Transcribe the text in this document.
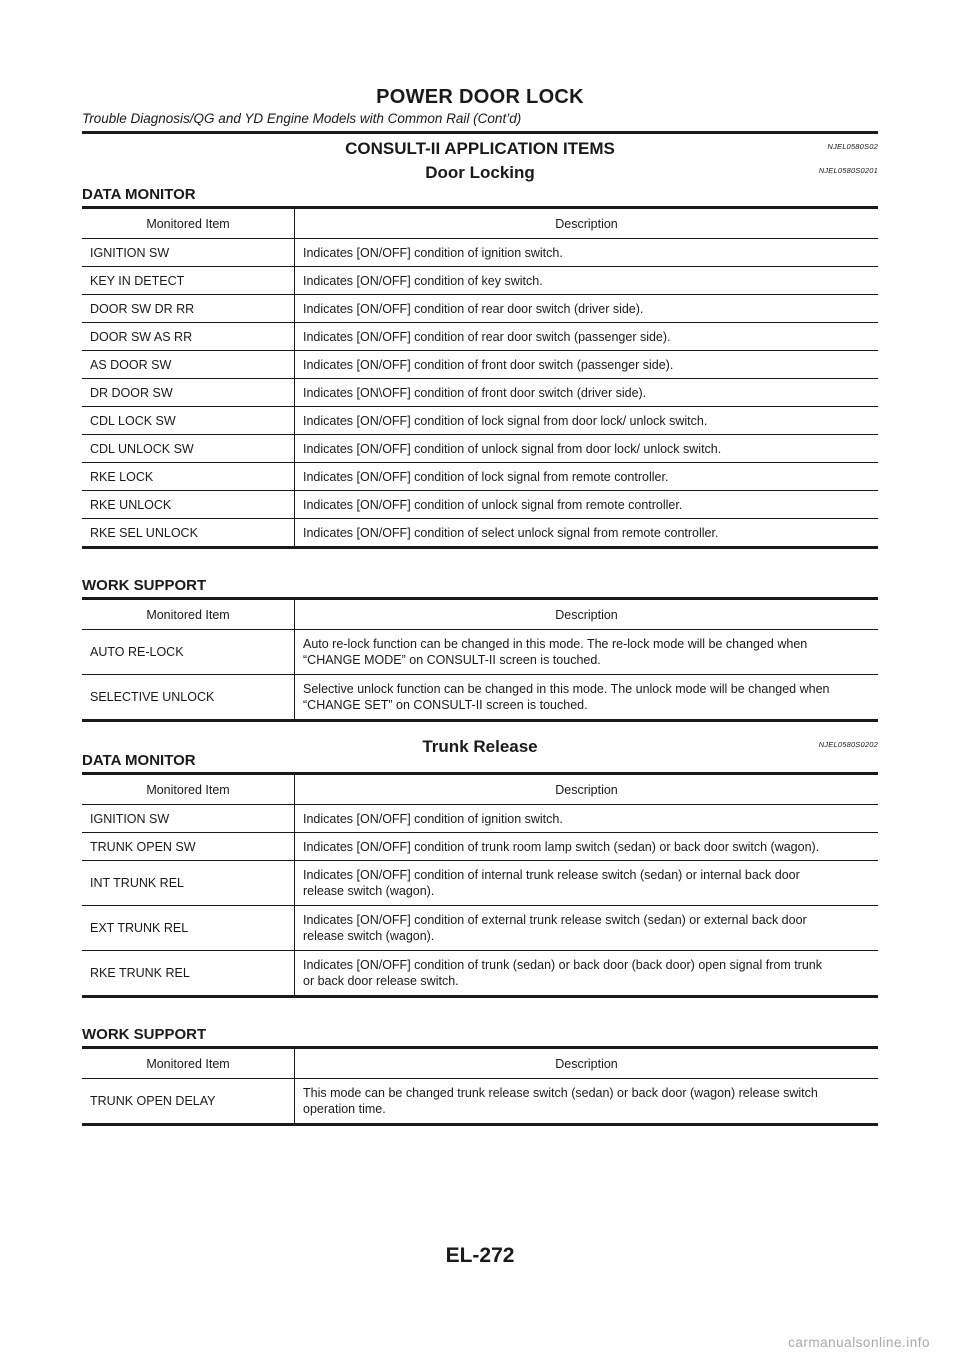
POWER DOOR LOCK
Trouble Diagnosis/QG and YD Engine Models with Common Rail (Cont’d)
CONSULT-II APPLICATION ITEMS	NJEL0580S02
Door Locking	NJEL0580S0201
DATA MONITOR
Monitored Item	Description
IGNITION SW	Indicates [ON/OFF] condition of ignition switch.
KEY IN DETECT	Indicates [ON/OFF] condition of key switch.
DOOR SW DR RR	Indicates [ON/OFF] condition of rear door switch (driver side).
DOOR SW AS RR	Indicates [ON/OFF] condition of rear door switch (passenger side).
AS DOOR SW	Indicates [ON/OFF] condition of front door switch (passenger side).
DR DOOR SW	Indicates [ON\OFF] condition of front door switch (driver side).
CDL LOCK SW	Indicates [ON/OFF] condition of lock signal from door lock/ unlock switch.
CDL UNLOCK SW	Indicates [ON/OFF] condition of unlock signal from door lock/ unlock switch.
RKE LOCK	Indicates [ON/OFF] condition of lock signal from remote controller.
RKE UNLOCK	Indicates [ON/OFF] condition of unlock signal from remote controller.
RKE SEL UNLOCK	Indicates [ON/OFF] condition of select unlock signal from remote controller.
WORK SUPPORT
Monitored Item	Description
AUTO RE-LOCK	Auto re-lock function can be changed in this mode. The re-lock mode will be changed when
“CHANGE MODE” on CONSULT-II screen is touched.
SELECTIVE UNLOCK	Selective unlock function can be changed in this mode. The unlock mode will be changed when
“CHANGE SET” on CONSULT-II screen is touched.
Trunk Release	NJEL0580S0202
DATA MONITOR
Monitored Item	Description
IGNITION SW	Indicates [ON/OFF] condition of ignition switch.
TRUNK OPEN SW	Indicates [ON/OFF] condition of trunk room lamp switch (sedan) or back door switch (wagon).
INT TRUNK REL	Indicates [ON/OFF] condition of internal trunk release switch (sedan) or internal back door
release switch (wagon).
EXT TRUNK REL	Indicates [ON/OFF] condition of external trunk release switch (sedan) or external back door
release switch (wagon).
RKE TRUNK REL	Indicates [ON/OFF] condition of trunk (sedan) or back door (back door) open signal from trunk
or back door release switch.
WORK SUPPORT
Monitored Item	Description
TRUNK OPEN DELAY	This mode can be changed trunk release switch (sedan) or back door (wagon) release switch
operation time.
EL-272
carmanualsonline.info
